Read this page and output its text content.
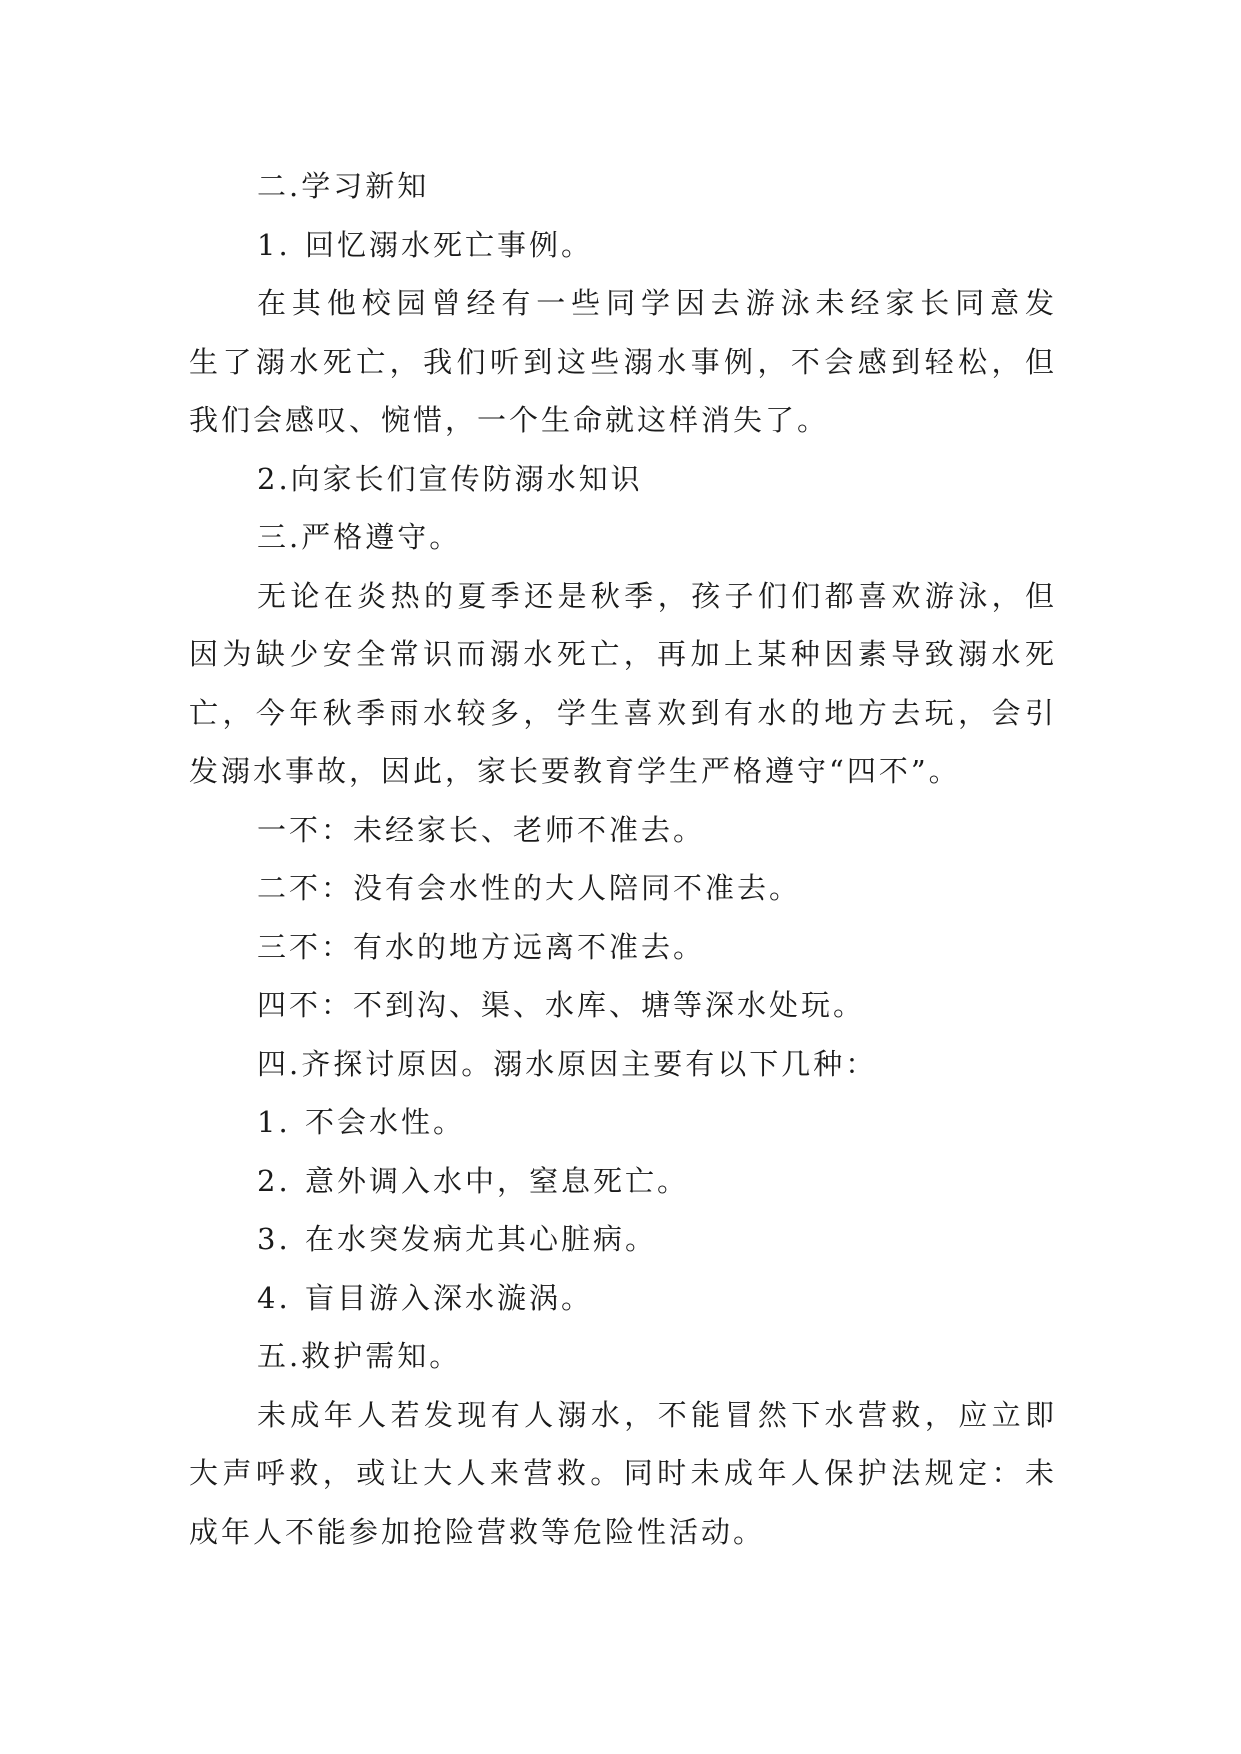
二.学习新知
1. 回忆溺水死亡事例。
在其他校园曾经有一些同学因去游泳未经家长同意发
生了溺水死亡，我们听到这些溺水事例，不会感到轻松，但
我们会感叹、惋惜，一个生命就这样消失了。
2.向家长们宣传防溺水知识
三.严格遵守。
无论在炎热的夏季还是秋季，孩子们们都喜欢游泳，但
因为缺少安全常识而溺水死亡，再加上某种因素导致溺水死
亡，今年秋季雨水较多，学生喜欢到有水的地方去玩，会引
发溺水事故，因此，家长要教育学生严格遵守“四不”。
一不：未经家长、老师不准去。
二不：没有会水性的大人陪同不准去。
三不：有水的地方远离不准去。
四不：不到沟、渠、水库、塘等深水处玩。
四.齐探讨原因。溺水原因主要有以下几种：
1. 不会水性。
2. 意外调入水中，窒息死亡。
3. 在水突发病尤其心脏病。
4. 盲目游入深水漩涡。
五.救护需知。
未成年人若发现有人溺水，不能冒然下水营救，应立即
大声呼救，或让大人来营救。同时未成年人保护法规定：未
成年人不能参加抢险营救等危险性活动。
